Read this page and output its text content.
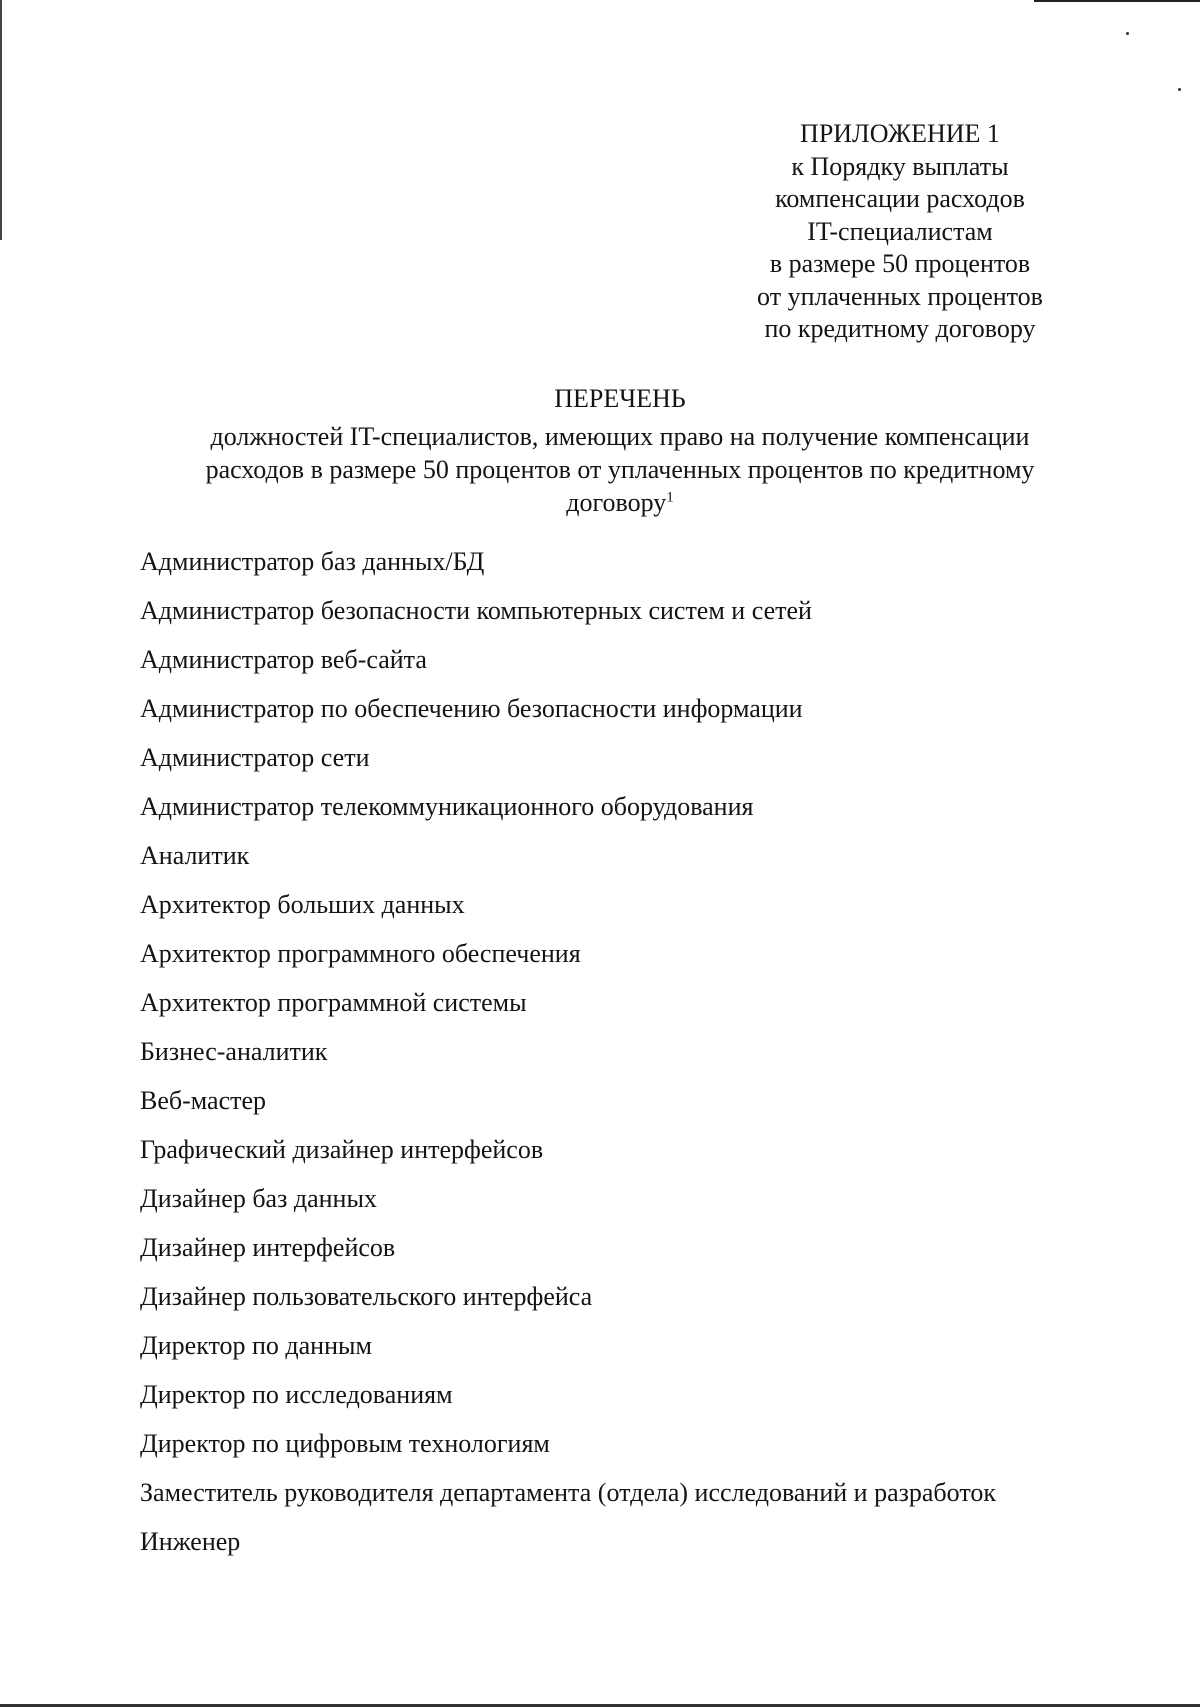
ПРИЛОЖЕНИЕ 1
к Порядку выплаты
компенсации расходов
IT-специалистам
в размере 50 процентов
от уплаченных процентов
по кредитному договору
ПЕРЕЧЕНЬ
должностей IT-специалистов, имеющих право на получение компенсации
расходов в размере 50 процентов от уплаченных процентов по кредитному
договору$^1$
Администратор баз данных/БД
Администратор безопасности компьютерных систем и сетей
Администратор веб-сайта
Администратор по обеспечению безопасности информации
Администратор сети
Администратор телекоммуникационного оборудования
Аналитик
Архитектор больших данных
Архитектор программного обеспечения
Архитектор программной системы
Бизнес-аналитик
Веб-мастер
Графический дизайнер интерфейсов
Дизайнер баз данных
Дизайнер интерфейсов
Дизайнер пользовательского интерфейса
Директор по данным
Директор по исследованиям
Директор по цифровым технологиям
Заместитель руководителя департамента (отдела) исследований и разработок
Инженер
